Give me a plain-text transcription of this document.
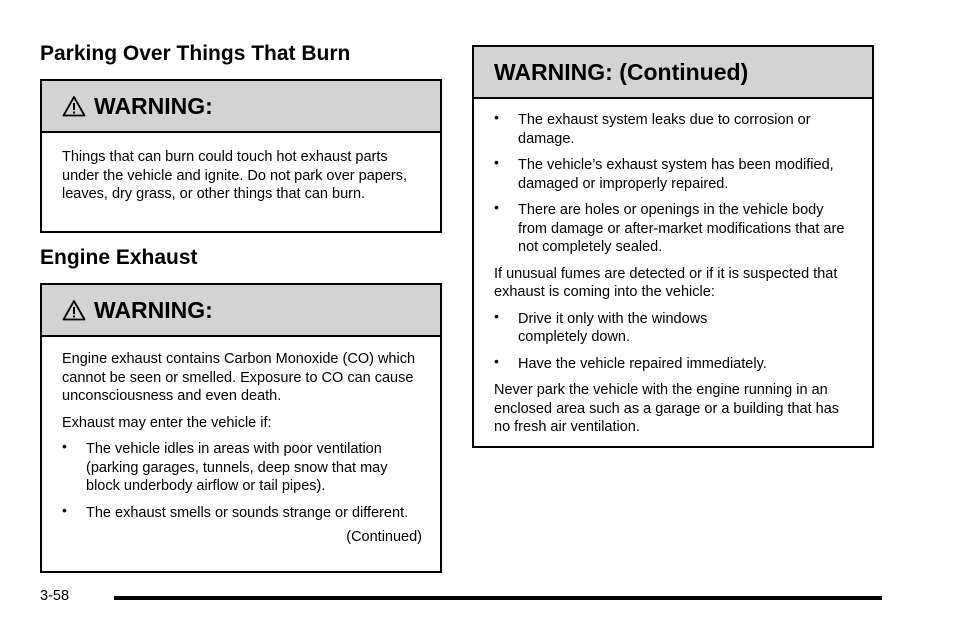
Parking Over Things That Burn
WARNING:

Things that can burn could touch hot exhaust parts under the vehicle and ignite. Do not park over papers, leaves, dry grass, or other things that can burn.

Engine Exhaust
WARNING:

Engine exhaust contains Carbon Monoxide (CO) which cannot be seen or smelled. Exposure to CO can cause unconsciousness and even death.

Exhaust may enter the vehicle if:

• The vehicle idles in areas with poor ventilation (parking garages, tunnels, deep snow that may block underbody airflow or tail pipes).
• The exhaust smells or sounds strange or different.

(Continued)

WARNING: (Continued)
• The exhaust system leaks due to corrosion or damage.
• The vehicle’s exhaust system has been modified, damaged or improperly repaired.
• There are holes or openings in the vehicle body from damage or after-market modifications that are not completely sealed.

If unusual fumes are detected or if it is suspected that exhaust is coming into the vehicle:

• Drive it only with the windows completely down.
• Have the vehicle repaired immediately.

Never park the vehicle with the engine running in an enclosed area such as a garage or a building that has no fresh air ventilation.

3-58
